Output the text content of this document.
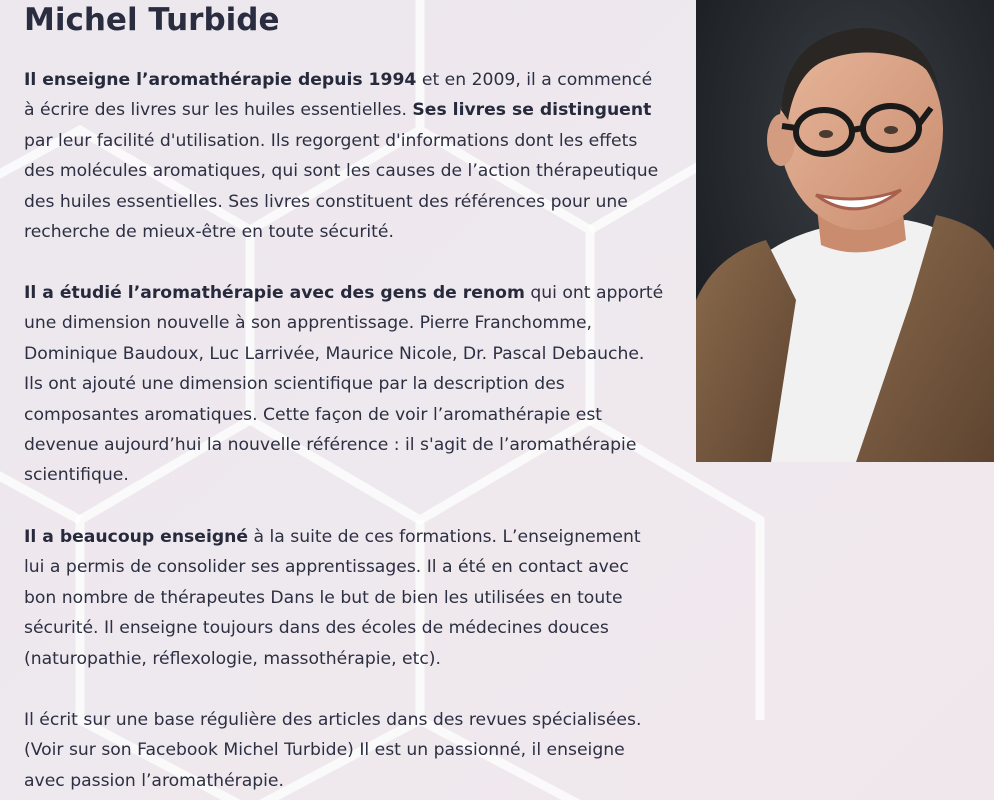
Michel Turbide

Il enseigne l’aromathérapie depuis 1994 et en 2009, il a commencé à écrire des livres sur les huiles essentielles. Ses livres se distinguent par leur facilité d'utilisation. Ils regorgent d'informations dont les effets des molécules aromatiques, qui sont les causes de l’action thérapeutique des huiles essentielles. Ses livres constituent des références pour une recherche de mieux-être en toute sécurité.

Il a étudié l’aromathérapie avec des gens de renom qui ont apporté une dimension nouvelle à son apprentissage. Pierre Franchomme, Dominique Baudoux, Luc Larrivée, Maurice Nicole, Dr. Pascal Debauche. Ils ont ajouté une dimension scientifique par la description des composantes aromatiques. Cette façon de voir l’aromathérapie est devenue aujourd’hui la nouvelle référence : il s'agit de l’aromathérapie scientifique.

Il a beaucoup enseigné à la suite de ces formations. L’enseignement lui a permis de consolider ses apprentissages. Il a été en contact avec bon nombre de thérapeutes Dans le but de bien les utilisées en toute sécurité. Il enseigne toujours dans des écoles de médecines douces (naturopathie, réflexologie, massothérapie, etc).

Il écrit sur une base régulière des articles dans des revues spécialisées. (Voir sur son Facebook Michel Turbide) Il est un passionné, il enseigne avec passion l’aromathérapie.
